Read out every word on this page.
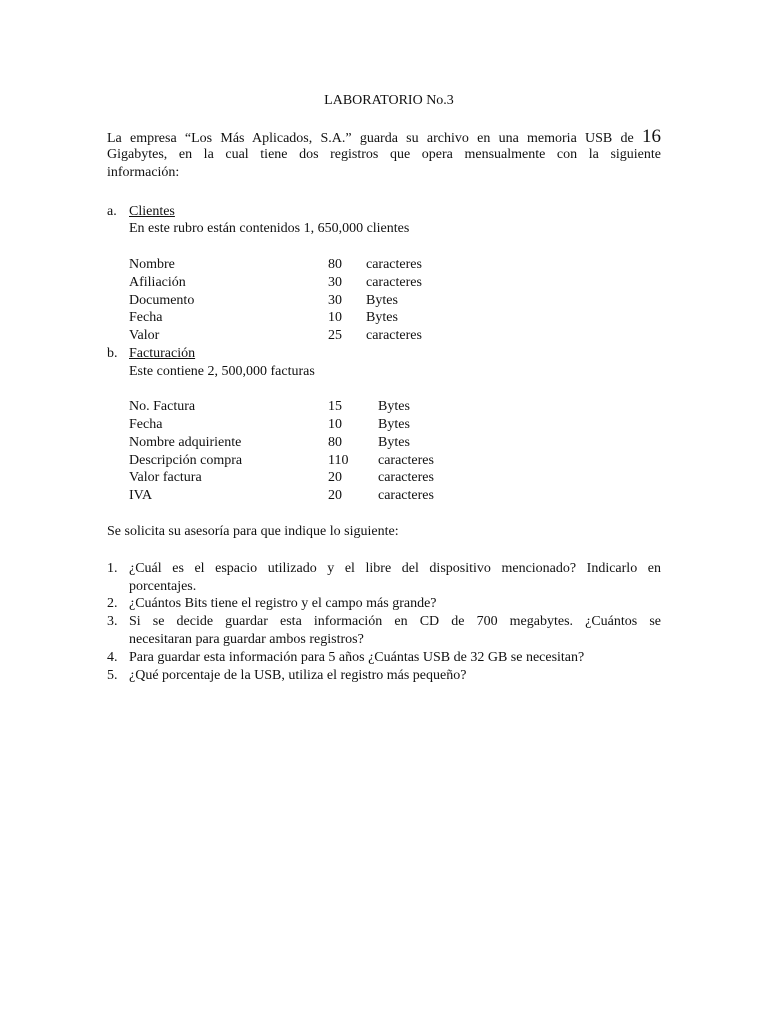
LABORATORIO No.3
La empresa “Los Más Aplicados, S.A.” guarda su archivo en una memoria USB de 16
Gigabytes, en la cual tiene dos registros que opera mensualmente con la siguiente
información:
a. Clientes
En este rubro están contenidos 1, 650,000 clientes
Nombre	80 caracteres
Afiliación	30 caracteres
Documento	30 Bytes
Fecha	10 Bytes
Valor	25 caracteres
b. Facturación
Este contiene 2, 500,000 facturas
No. Factura	15	Bytes
Fecha	10	Bytes
Nombre adquiriente	80	Bytes
Descripción compra	110 caracteres
Valor factura	20	caracteres
IVA	20	caracteres
Se solicita su asesoría para que indique lo siguiente:
1. ¿Cuál es el espacio utilizado y el libre del dispositivo mencionado? Indicarlo en
porcentajes.
2. ¿Cuántos Bits tiene el registro y el campo más grande?
3. Si se decide guardar esta información en CD de 700 megabytes. ¿Cuántos se
necesitaran para guardar ambos registros?
4. Para guardar esta información para 5 años ¿Cuántas USB de 32 GB se necesitan?
5. ¿Qué porcentaje de la USB, utiliza el registro más pequeño?
